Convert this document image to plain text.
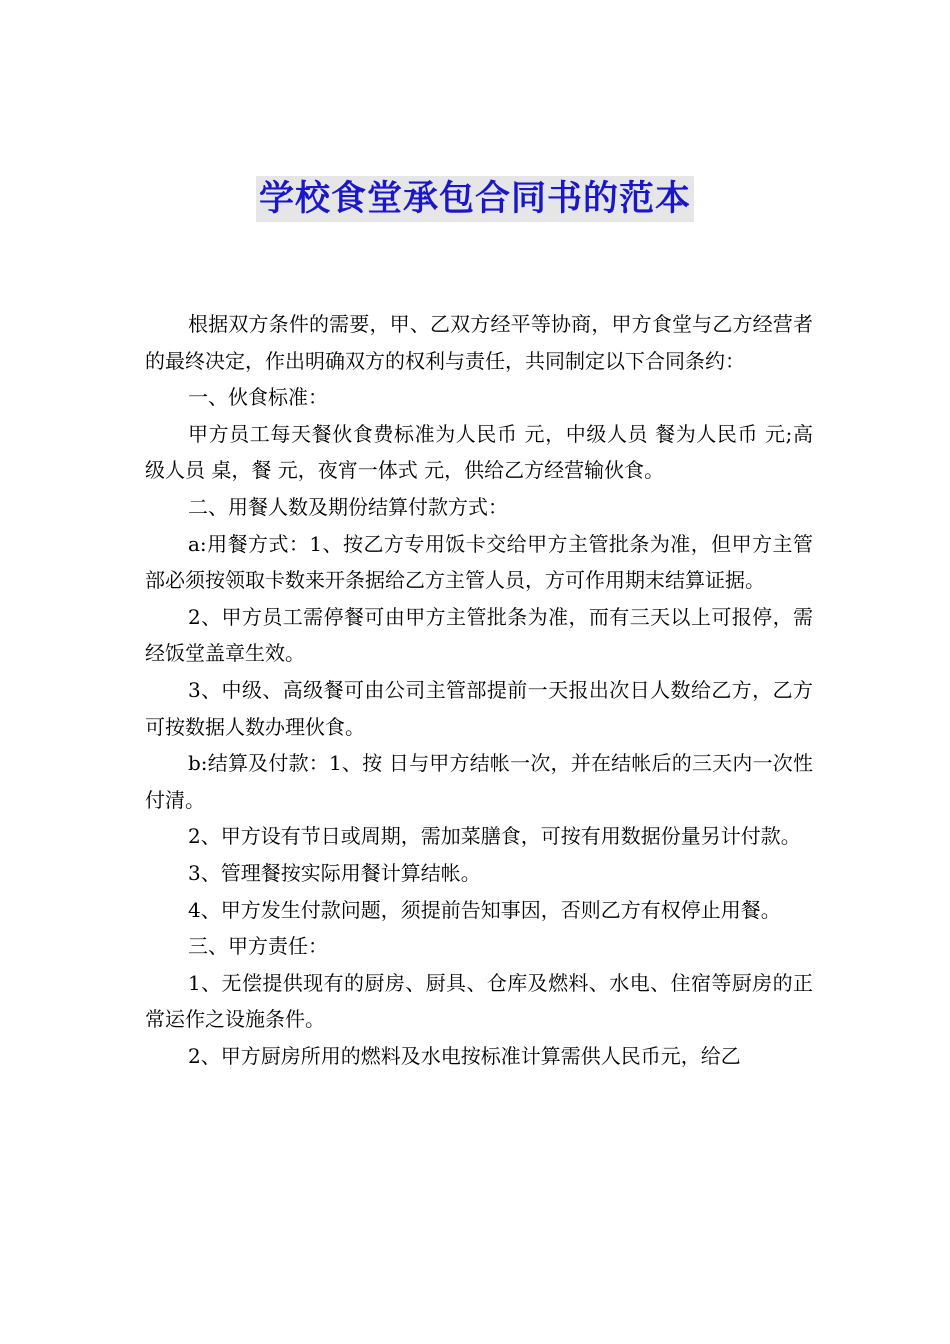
学校食堂承包合同书的范本

根据双方条件的需要，甲、乙双方经平等协商，甲方食堂与乙方经营者的最终决定，作出明确双方的权利与责任，共同制定以下合同条约：

一、伙食标准：

甲方员工每天餐伙食费标准为人民币 元，中级人员 餐为人民币 元;高级人员 桌，餐 元，夜宵一体式 元，供给乙方经营输伙食。

二、用餐人数及期份结算付款方式：

a:用餐方式：1、按乙方专用饭卡交给甲方主管批条为准，但甲方主管部必须按领取卡数来开条据给乙方主管人员，方可作用期末结算证据。

2、甲方员工需停餐可由甲方主管批条为准，而有三天以上可报停，需经饭堂盖章生效。

3、中级、高级餐可由公司主管部提前一天报出次日人数给乙方，乙方可按数据人数办理伙食。

b:结算及付款：1、按 日与甲方结帐一次，并在结帐后的三天内一次性付清。

2、甲方设有节日或周期，需加菜膳食，可按有用数据份量另计付款。

3、管理餐按实际用餐计算结帐。

4、甲方发生付款问题，须提前告知事因，否则乙方有权停止用餐。

三、甲方责任：

1、无偿提供现有的厨房、厨具、仓库及燃料、水电、住宿等厨房的正常运作之设施条件。

2、甲方厨房所用的燃料及水电按标准计算需供人民币元，给乙
